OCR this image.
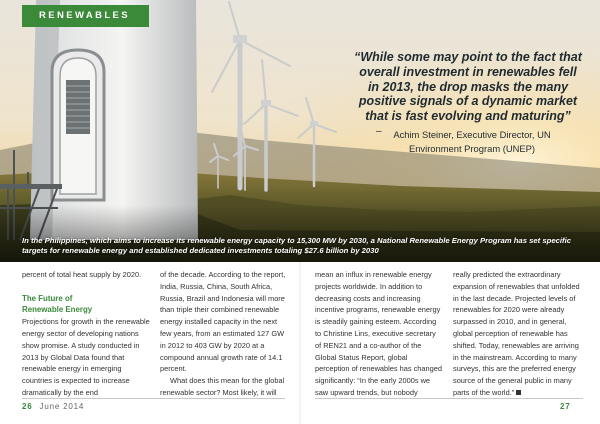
RENEWABLES
“While some may point to the fact that overall investment in renewables fell in 2013, the drop masks the many positive signals of a dynamic market that is fast evolving and maturing”
–	Achim Steiner, Executive Director, UN Environment Program (UNEP)
In the Philippines, which aims to increase its renewable energy capacity to 15,300 MW by 2030, a National Renewable Energy Program has set specific targets for renewable energy and established dedicated investments totaling $27.6 billion by 2030

percent of total heat supply by 2020.

The Future of
Renewable Energy

Projections for growth in the renewable energy sector of developing nations show promise. A study conducted in 2013 by Global Data found that renewable energy in emerging countries is expected to increase dramatically by the end

of the decade. According to the report, India, Russia, China, South Africa, Russia, Brazil and Indonesia will more than triple their combined renewable energy installed capacity in the next few years, from an estimated 127 GW in 2012 to 403 GW by 2020 at a compound annual growth rate of 14.1 percent.

What does this mean for the global renewable sector? Most likely, it will

mean an influx in renewable energy projects worldwide. In addition to decreasing costs and increasing incentive programs, renewable energy is steadily gaining esteem. According to Christine Lins, executive secretary of REN21 and a co-author of the Global Status Report, global perception of renewables has changed significantly: “In the early 2000s we saw upward trends, but nobody

really predicted the extraordinary expansion of renewables that unfolded in the last decade. Projected levels of renewables for 2020 were already surpassed in 2010, and in general, global perception of renewable has shifted. Today, renewables are arriving in the mainstream. According to many surveys, this are the preferred energy source of the general public in many parts of the world.”

26 June 2014	27
